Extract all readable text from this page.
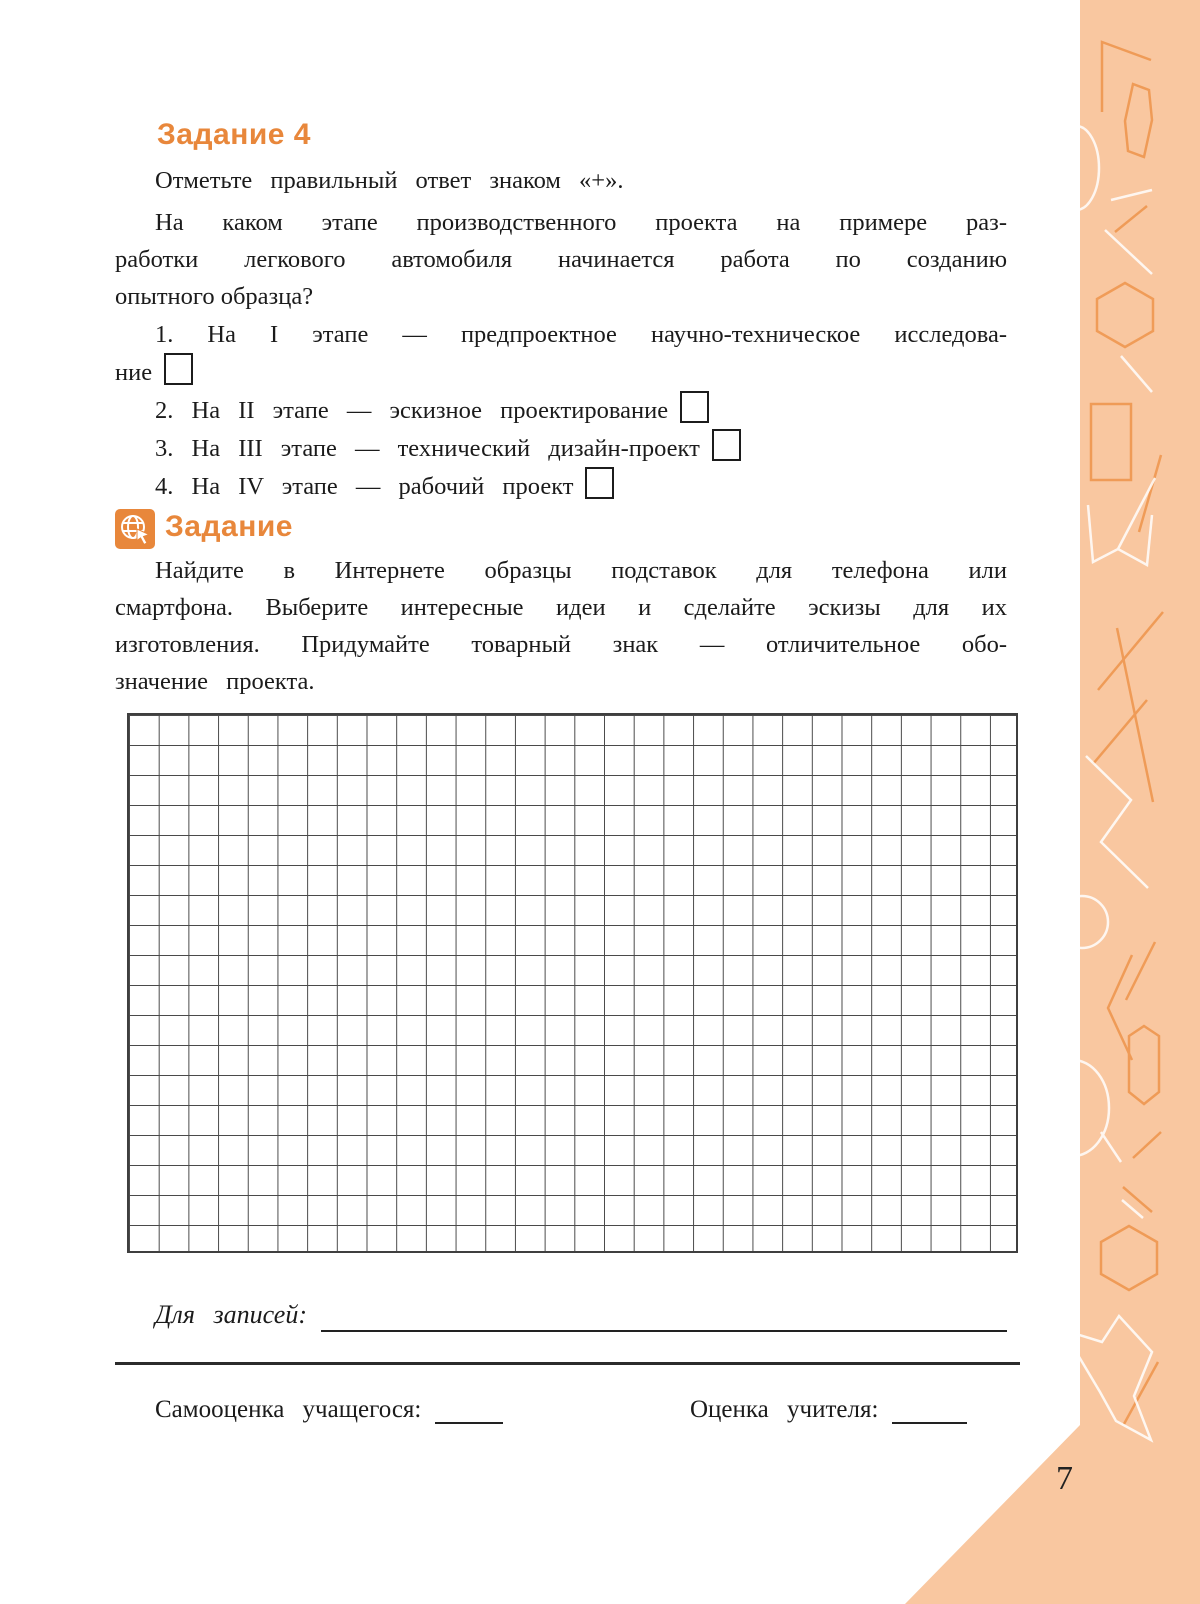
7
Задание 4
Отметьте правильный ответ знаком «+».
На каком этапе производственного проекта на примере раз-
работки легкового автомобиля начинается работа по созданию
опытного образца?
1. На I этапе — предпроектное научно-техническое исследова-
ние
2. На II этапе — эскизное проектирование
3. На III этапе — технический дизайн-проект
4. На IV этапе — рабочий проект
Задание
Найдите в Интернете образцы подставок для телефона или
смартфона. Выберите интересные идеи и сделайте эскизы для их
изготовления. Придумайте товарный знак — отличительное обо-
значение проекта.
Для записей:
Самооценка учащегося:	Оценка учителя:
